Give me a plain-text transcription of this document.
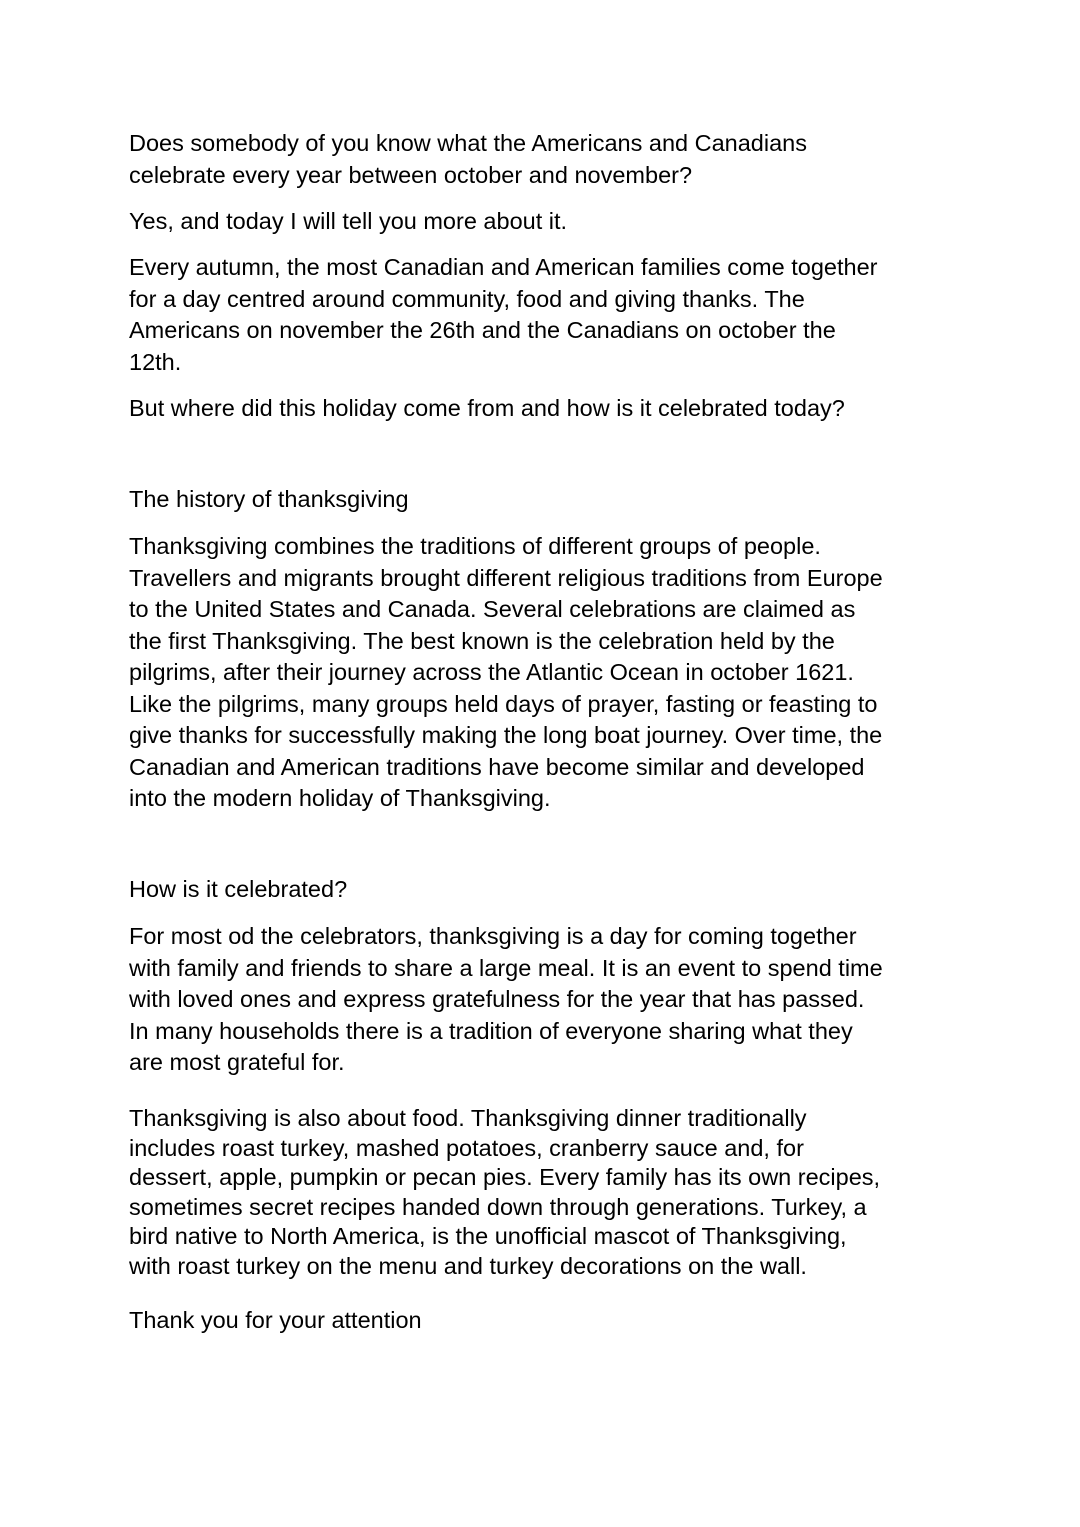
Does somebody of you know what the Americans and Canadians
celebrate every year between october and november?

Yes, and today I will tell you more about it.

Every autumn, the most Canadian and American families come together
for a day centred around community, food and giving thanks. The
Americans on november the 26th and the Canadians on october the
12th.

But where did this holiday come from and how is it celebrated today?

The history of thanksgiving

Thanksgiving combines the traditions of different groups of people.
Travellers and migrants brought different religious traditions from Europe
to the United States and Canada. Several celebrations are claimed as
the first Thanksgiving. The best known is the celebration held by the
pilgrims, after their journey across the Atlantic Ocean in october 1621.
Like the pilgrims, many groups held days of prayer, fasting or feasting to
give thanks for successfully making the long boat journey. Over time, the
Canadian and American traditions have become similar and developed
into the modern holiday of Thanksgiving.

How is it celebrated?

For most od the celebrators, thanksgiving is a day for coming together
with family and friends to share a large meal. It is an event to spend time
with loved ones and express gratefulness for the year that has passed.
In many households there is a tradition of everyone sharing what they
are most grateful for.

Thanksgiving is also about food. Thanksgiving dinner traditionally
includes roast turkey, mashed potatoes, cranberry sauce and, for
dessert, apple, pumpkin or pecan pies. Every family has its own recipes,
sometimes secret recipes handed down through generations. Turkey, a
bird native to North America, is the unofficial mascot of Thanksgiving,
with roast turkey on the menu and turkey decorations on the wall.

Thank you for your attention
